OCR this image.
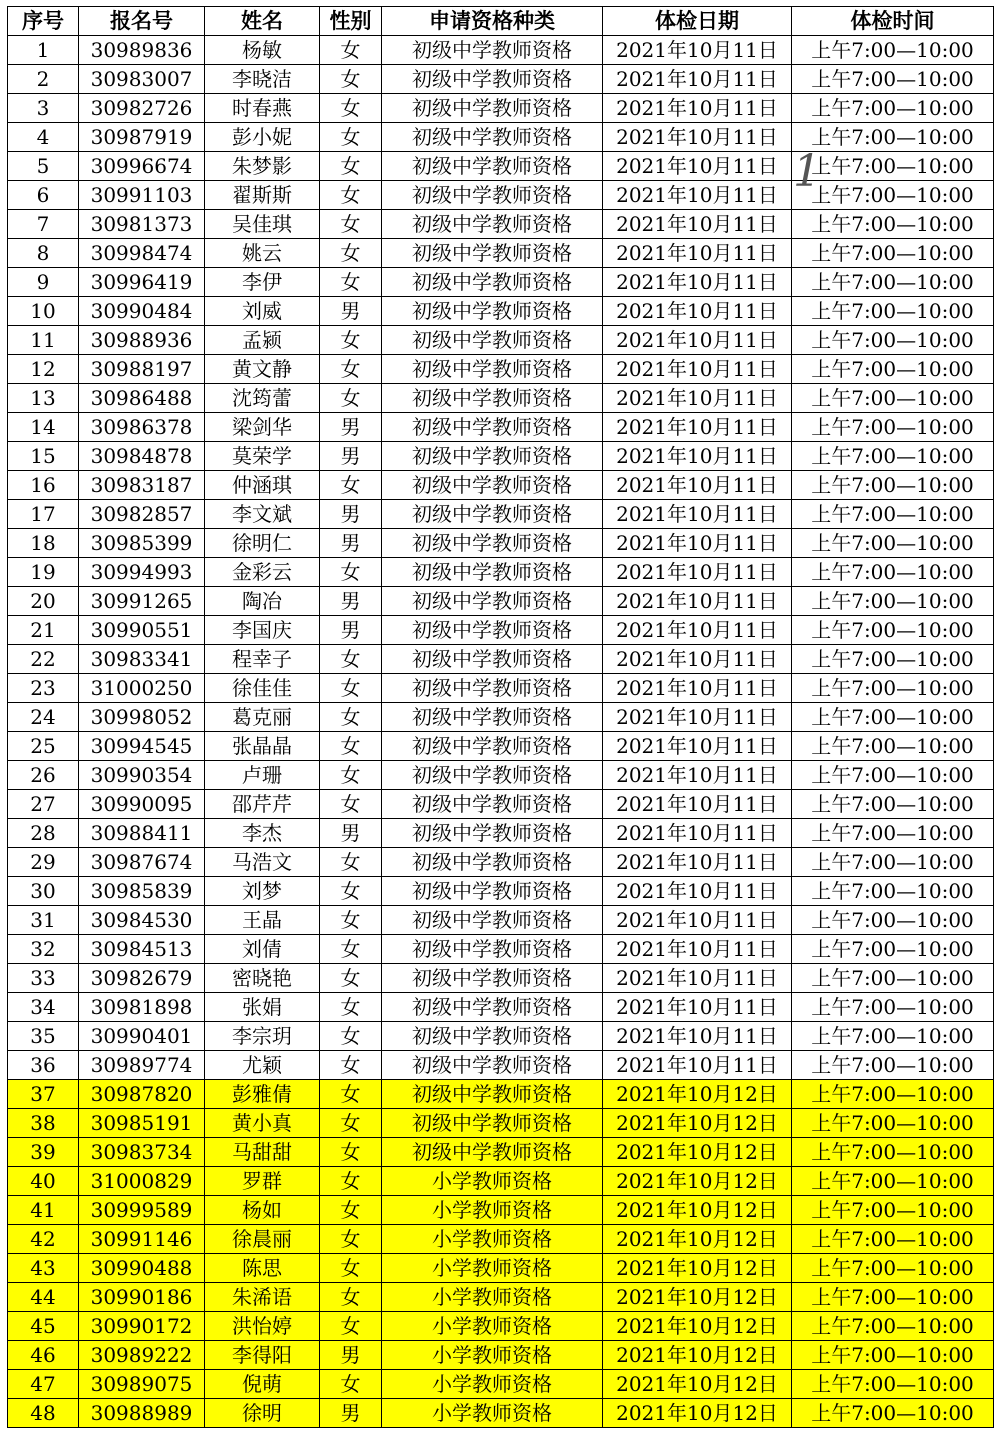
序号	报名号	姓名	性别	申请资格种类	体检日期	体检时间
1	30989836	杨敏	女	初级中学教师资格	2021年10月11日	上午7:00—10:00
2	30983007	李晓洁	女	初级中学教师资格	2021年10月11日	上午7:00—10:00
3	30982726	时春燕	女	初级中学教师资格	2021年10月11日	上午7:00—10:00
4	30987919	彭小妮	女	初级中学教师资格	2021年10月11日	上午7:00—10:00
5	30996674	朱梦影	女	初级中学教师资格	2021年10月11日	上午7:00—10:00
6	30991103	翟斯斯	女	初级中学教师资格	2021年10月11日	上午7:00—10:00
7	30981373	吴佳琪	女	初级中学教师资格	2021年10月11日	上午7:00—10:00
8	30998474	姚云	女	初级中学教师资格	2021年10月11日	上午7:00—10:00
9	30996419	李伊	女	初级中学教师资格	2021年10月11日	上午7:00—10:00
10	30990484	刘威	男	初级中学教师资格	2021年10月11日	上午7:00—10:00
11	30988936	孟颍	女	初级中学教师资格	2021年10月11日	上午7:00—10:00
12	30988197	黄文静	女	初级中学教师资格	2021年10月11日	上午7:00—10:00
13	30986488	沈筠蕾	女	初级中学教师资格	2021年10月11日	上午7:00—10:00
14	30986378	梁剑华	男	初级中学教师资格	2021年10月11日	上午7:00—10:00
15	30984878	莫荣学	男	初级中学教师资格	2021年10月11日	上午7:00—10:00
16	30983187	仲涵琪	女	初级中学教师资格	2021年10月11日	上午7:00—10:00
17	30982857	李文斌	男	初级中学教师资格	2021年10月11日	上午7:00—10:00
18	30985399	徐明仁	男	初级中学教师资格	2021年10月11日	上午7:00—10:00
19	30994993	金彩云	女	初级中学教师资格	2021年10月11日	上午7:00—10:00
20	30991265	陶冶	男	初级中学教师资格	2021年10月11日	上午7:00—10:00
21	30990551	李国庆	男	初级中学教师资格	2021年10月11日	上午7:00—10:00
22	30983341	程幸子	女	初级中学教师资格	2021年10月11日	上午7:00—10:00
23	31000250	徐佳佳	女	初级中学教师资格	2021年10月11日	上午7:00—10:00
24	30998052	葛克丽	女	初级中学教师资格	2021年10月11日	上午7:00—10:00
25	30994545	张晶晶	女	初级中学教师资格	2021年10月11日	上午7:00—10:00
26	30990354	卢珊	女	初级中学教师资格	2021年10月11日	上午7:00—10:00
27	30990095	邵芹芹	女	初级中学教师资格	2021年10月11日	上午7:00—10:00
28	30988411	李杰	男	初级中学教师资格	2021年10月11日	上午7:00—10:00
29	30987674	马浩文	女	初级中学教师资格	2021年10月11日	上午7:00—10:00
30	30985839	刘梦	女	初级中学教师资格	2021年10月11日	上午7:00—10:00
31	30984530	王晶	女	初级中学教师资格	2021年10月11日	上午7:00—10:00
32	30984513	刘倩	女	初级中学教师资格	2021年10月11日	上午7:00—10:00
33	30982679	密晓艳	女	初级中学教师资格	2021年10月11日	上午7:00—10:00
34	30981898	张娟	女	初级中学教师资格	2021年10月11日	上午7:00—10:00
35	30990401	李宗玥	女	初级中学教师资格	2021年10月11日	上午7:00—10:00
36	30989774	尤颖	女	初级中学教师资格	2021年10月11日	上午7:00—10:00
37	30987820	彭雅倩	女	初级中学教师资格	2021年10月12日	上午7:00—10:00
38	30985191	黄小真	女	初级中学教师资格	2021年10月12日	上午7:00—10:00
39	30983734	马甜甜	女	初级中学教师资格	2021年10月12日	上午7:00—10:00
40	31000829	罗群	女	小学教师资格	2021年10月12日	上午7:00—10:00
41	30999589	杨如	女	小学教师资格	2021年10月12日	上午7:00—10:00
42	30991146	徐晨丽	女	小学教师资格	2021年10月12日	上午7:00—10:00
43	30990488	陈思	女	小学教师资格	2021年10月12日	上午7:00—10:00
44	30990186	朱浠语	女	小学教师资格	2021年10月12日	上午7:00—10:00
45	30990172	洪怡婷	女	小学教师资格	2021年10月12日	上午7:00—10:00
46	30989222	李得阳	男	小学教师资格	2021年10月12日	上午7:00—10:00
47	30989075	倪萌	女	小学教师资格	2021年10月12日	上午7:00—10:00
48	30988989	徐明	男	小学教师资格	2021年10月12日	上午7:00—10:00
1
